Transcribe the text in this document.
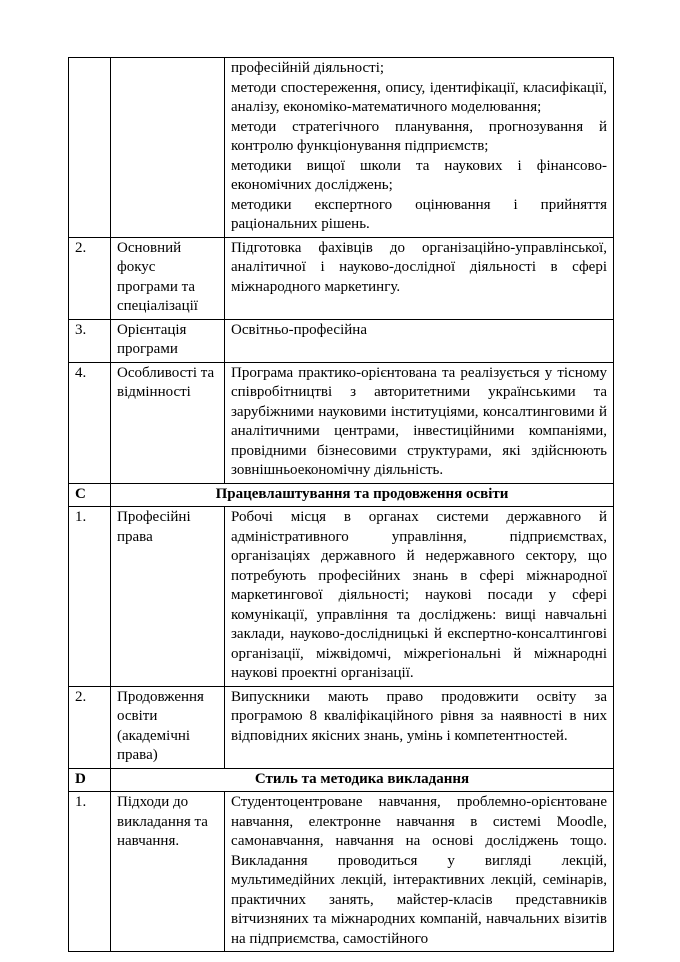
		професійній діяльності;

методи спостереження, опису, ідентифікації, класифікації, аналізу, економіко-математичного моделювання;

методи стратегічного планування, прогнозування й контролю функціонування підприємств;

методики вищої школи та наукових і фінансово-економічних досліджень;

методики експертного оцінювання і прийняття раціональних рішень.

2.	Основний фокус програми та спеціалізації	Підготовка фахівців до організаційно-управлінської, аналітичної і науково-дослідної діяльності в сфері міжнародного маркетингу.

3.	Орієнтація програми	Освітньо-професійна

4.	Особливості та відмінності	Програма практико-орієнтована та реалізується у тісному співробітництві з авторитетними українськими та зарубіжними науковими інституціями, консалтинговими й аналітичними центрами, інвестиційними компаніями, провідними бізнесовими структурами, які здійснюють зовнішньоекономічну діяльність.

C	Працевлаштування та продовження освіти	
1.	Професійні права	Робочі місця в органах системи державного й адміністративного управління, підприємствах, організаціях державного й недержавного сектору, що потребують професійних знань в сфері міжнародної маркетингової діяльності; наукові посади у сфері комунікації, управління та досліджень: вищі навчальні заклади, науково-дослідницькі й експертно-консалтингові організації, міжвідомчі, міжрегіональні й міжнародні наукові проектні організації.

2.	Продовження освіти (академічні права)	Випускники мають право продовжити освіту за програмою 8 кваліфікаційного рівня за наявності в них відповідних якісних знань, умінь і компетентностей.

D	Стиль та методика викладання	
1.	Підходи до викладання та навчання.	Студентоцентроване навчання, проблемно-орієнтоване навчання, електронне навчання в системі Moodle, самонавчання, навчання на основі досліджень тощо. Викладання проводиться у вигляді лекцій, мультимедійних лекцій, інтерактивних лекцій, семінарів, практичних занять, майстер-класів представників вітчизняних та міжнародних компаній, навчальних візитів на підприємства, самостійного
